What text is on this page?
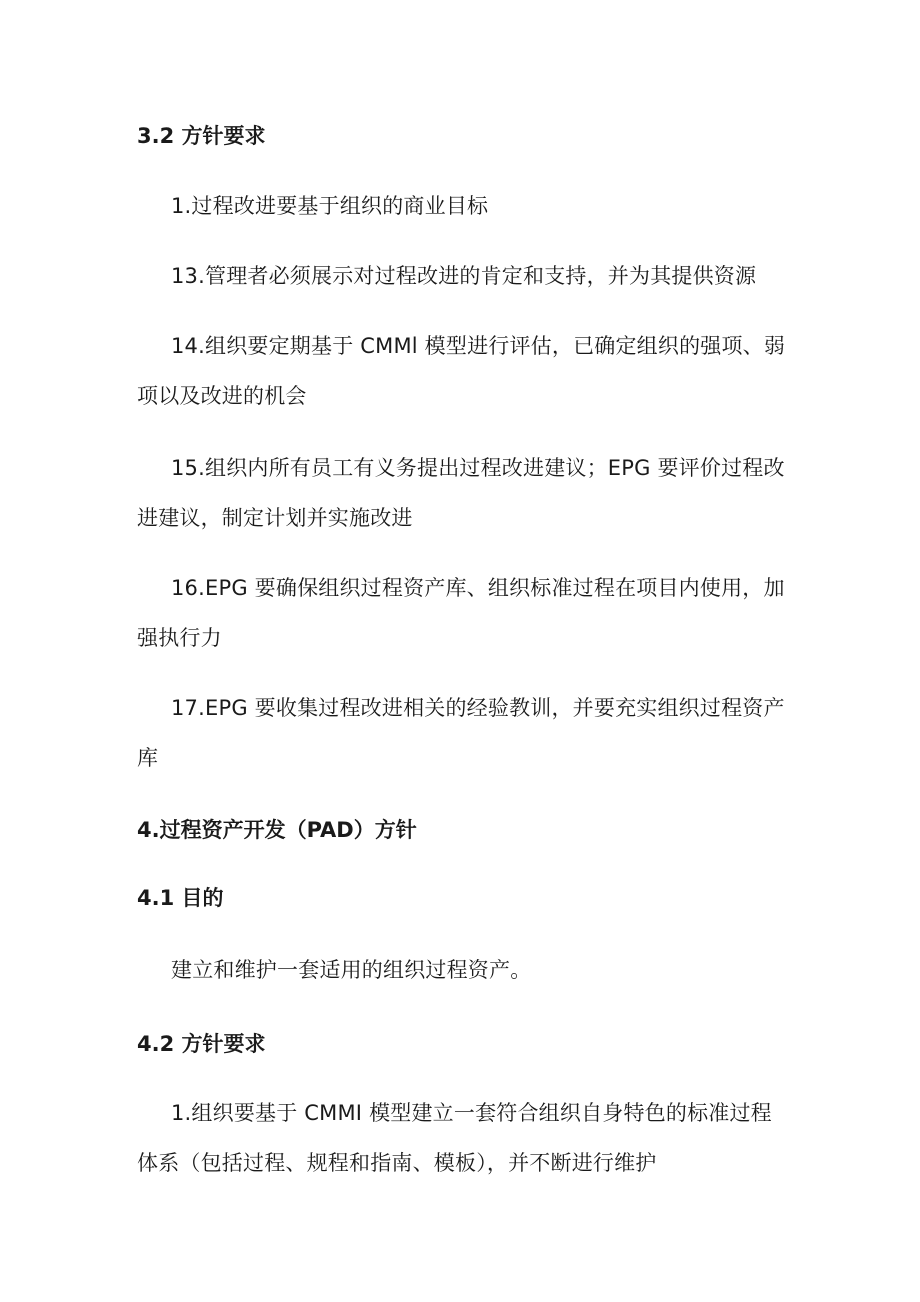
3.2 方针要求
1.过程改进要基于组织的商业目标
13.管理者必须展示对过程改进的肯定和支持，并为其提供资源
14.组织要定期基于 CMMl 模型进行评估，已确定组织的强项、弱项以及改进的机会
15.组织内所有员工有义务提出过程改进建议；EPG 要评价过程改进建议，制定计划并实施改进
16.EPG 要确保组织过程资产库、组织标准过程在项目内使用，加强执行力
17.EPG 要收集过程改进相关的经验教训，并要充实组织过程资产库
4.过程资产开发（PAD）方针
4.1 目的
建立和维护一套适用的组织过程资产。
4.2 方针要求
1.组织要基于 CMMI 模型建立一套符合组织自身特色的标准过程体系（包括过程、规程和指南、模板），并不断进行维护
